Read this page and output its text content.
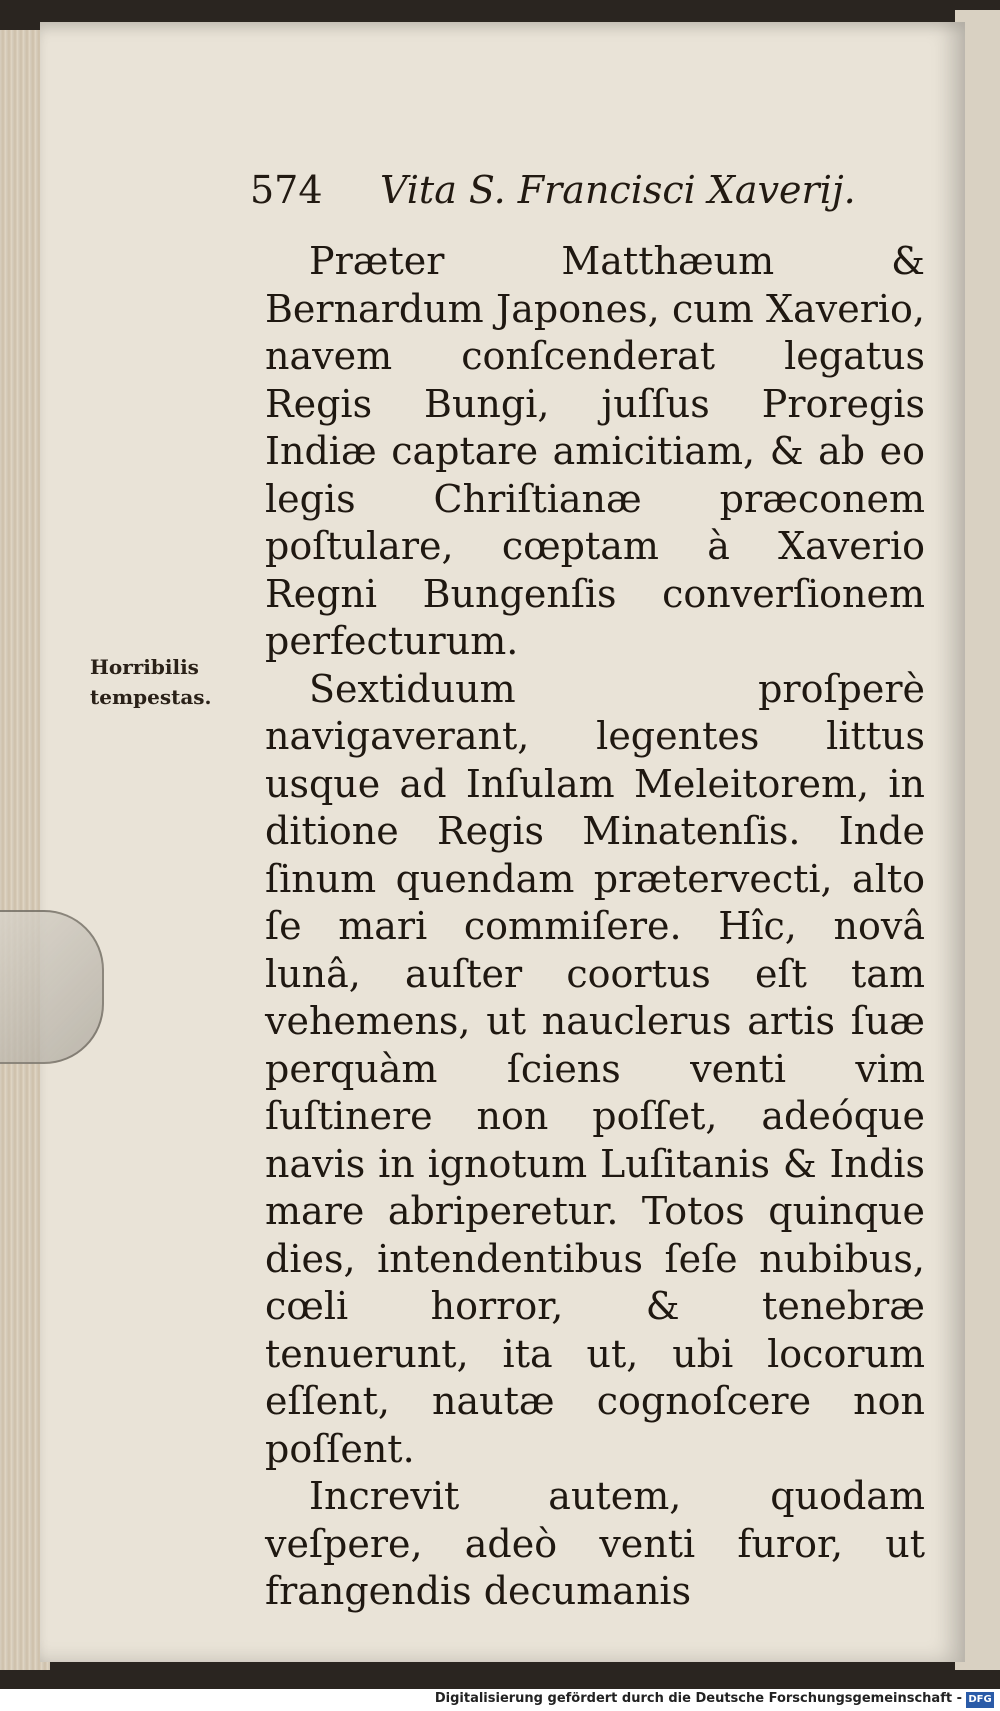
574 Vita S. Francisci Xaverij.
Horribilis tempestas.

Præter Matthæum & Bernardum Japones, cum Xaverio, navem conſcenderat legatus Regis Bungi, juſſus Proregis Indiæ captare amicitiam, & ab eo legis Chriſtianæ præconem poſtulare, cœptam à Xaverio Regni Bungenſis converſionem perfecturum.

Sextiduum proſperè navigaverant, legentes littus usque ad Inſulam Meleitorem, in ditione Regis Minatenſis. Inde ſinum quendam prætervecti, alto ſe mari commiſere. Hîc, novâ lunâ, auſter coortus eſt tam vehemens, ut nauclerus artis ſuæ perquàm ſciens venti vim ſuſtinere non poſſet, adeóque navis in ignotum Luſitanis & Indis mare abriperetur. Totos quinque dies, intendentibus ſeſe nubibus, cœli horror, & tenebræ tenuerunt, ita ut, ubi locorum eſſent, nautæ cognoſcere non poſſent.

Increvit autem, quodam veſpere, adeò venti furor, ut frangendis decumanis

Digitalisierung gefördert durch die Deutsche Forschungsgemeinschaft - DFG
